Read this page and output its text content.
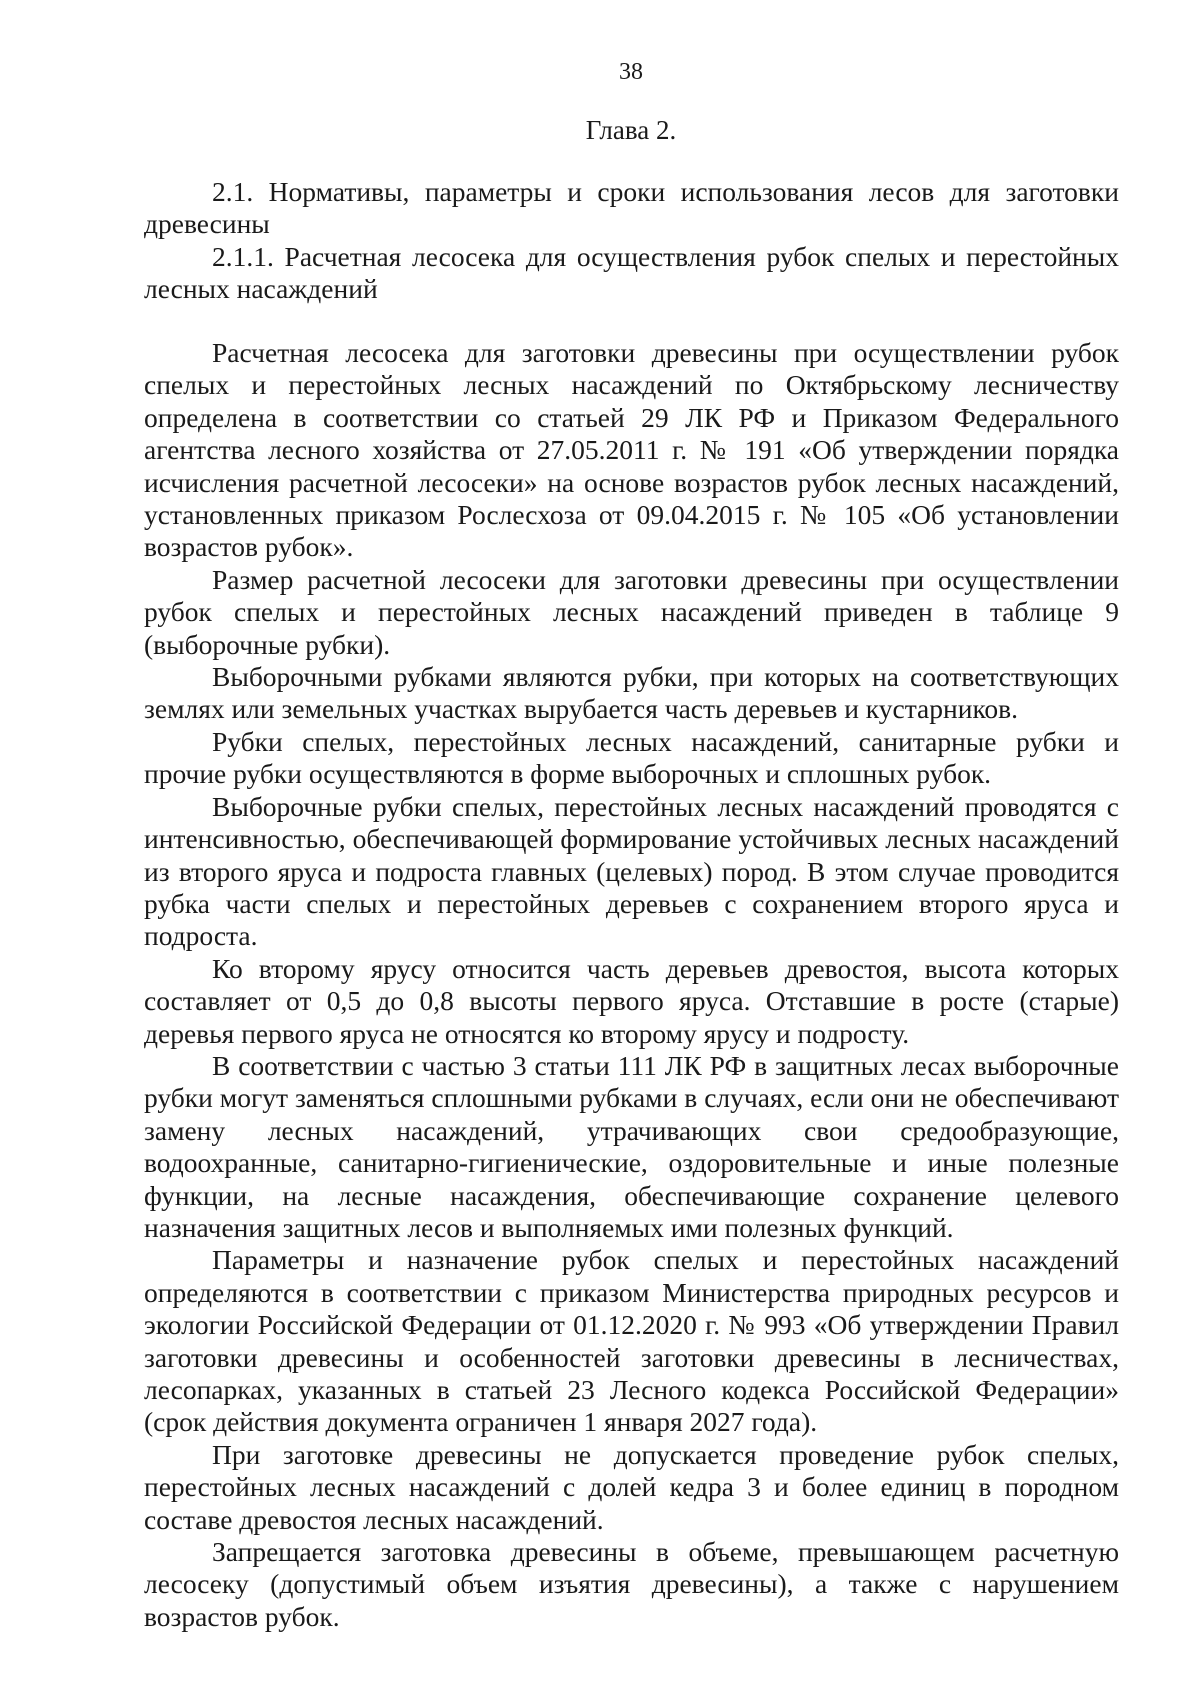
38
Глава 2.

2.1. Нормативы, параметры и сроки использования лесов для заготовки древесины

2.1.1. Расчетная лесосека для осуществления рубок спелых и перестойных лесных насаждений

Расчетная лесосека для заготовки древесины при осуществлении рубок спелых и перестойных лесных насаждений по Октябрьскому лесничеству определена в соответствии со статьей 29 ЛК РФ и Приказом Федерального агентства лесного хозяйства от 27.05.2011 г. № 191 «Об утверждении порядка исчисления расчетной лесосеки» на основе возрастов рубок лесных насаждений, установленных приказом Рослесхоза от 09.04.2015 г. № 105 «Об установлении возрастов рубок».

Размер расчетной лесосеки для заготовки древесины при осуществлении рубок спелых и перестойных лесных насаждений приведен в таблице 9 (выборочные рубки).

Выборочными рубками являются рубки, при которых на соответствующих землях или земельных участках вырубается часть деревьев и кустарников.

Рубки спелых, перестойных лесных насаждений, санитарные рубки и прочие рубки осуществляются в форме выборочных и сплошных рубок.

Выборочные рубки спелых, перестойных лесных насаждений проводятся с интенсивностью, обеспечивающей формирование устойчивых лесных насаждений из второго яруса и подроста главных (целевых) пород. В этом случае проводится рубка части спелых и перестойных деревьев с сохранением второго яруса и подроста.

Ко второму ярусу относится часть деревьев древостоя, высота которых составляет от 0,5 до 0,8 высоты первого яруса. Отставшие в росте (старые) деревья первого яруса не относятся ко второму ярусу и подросту.

В соответствии с частью 3 статьи 111 ЛК РФ в защитных лесах выборочные рубки могут заменяться сплошными рубками в случаях, если они не обеспечивают замену лесных насаждений, утрачивающих свои средообразующие, водоохранные, санитарно-гигиенические, оздоровительные и иные полезные функции, на лесные насаждения, обеспечивающие сохранение целевого назначения защитных лесов и выполняемых ими полезных функций.

Параметры и назначение рубок спелых и перестойных насаждений определяются в соответствии с приказом Министерства природных ресурсов и экологии Российской Федерации от 01.12.2020 г. № 993 «Об утверждении Правил заготовки древесины и особенностей заготовки древесины в лесничествах, лесопарках, указанных в статьей 23 Лесного кодекса Российской Федерации» (срок действия документа ограничен 1 января 2027 года).

При заготовке древесины не допускается проведение рубок спелых, перестойных лесных насаждений с долей кедра 3 и более единиц в породном составе древостоя лесных насаждений.

Запрещается заготовка древесины в объеме, превышающем расчетную лесосеку (допустимый объем изъятия древесины), а также с нарушением возрастов рубок.
